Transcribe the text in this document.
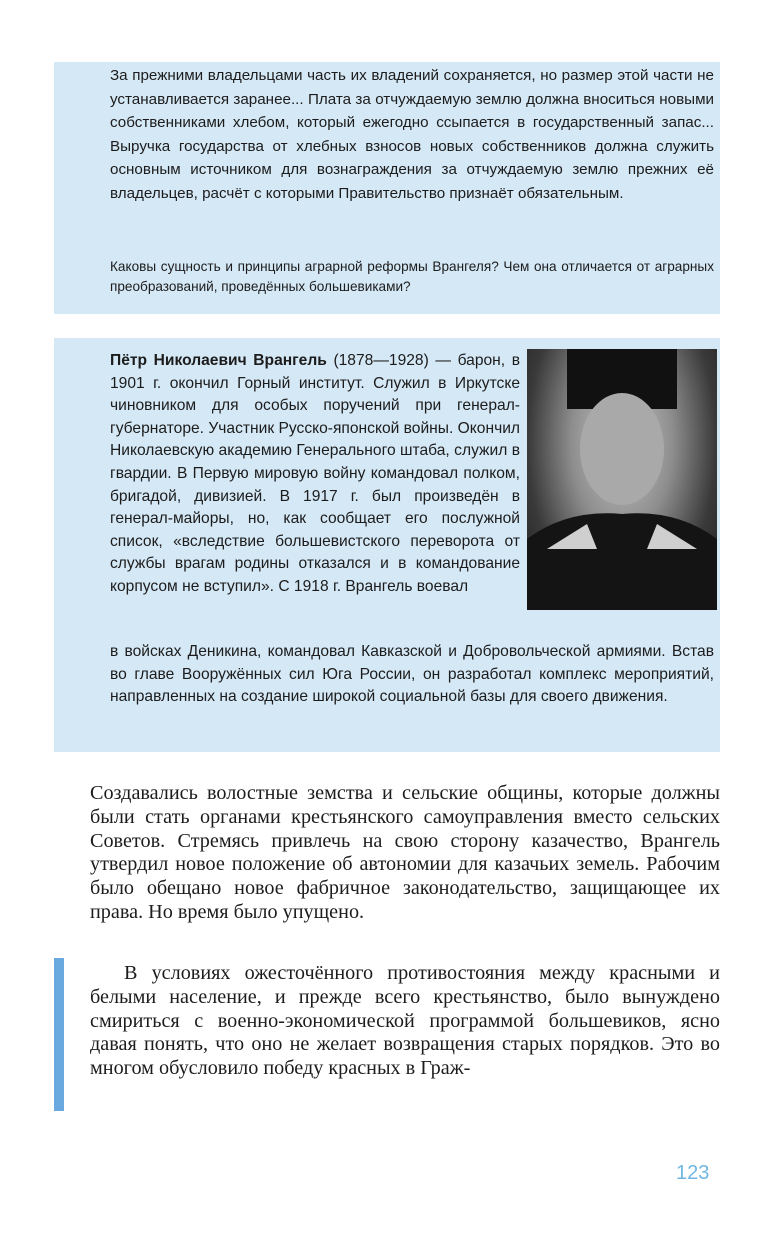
За прежними владельцами часть их владений сохраняется, но размер этой части не устанавливается заранее... Плата за отчуждаемую землю должна вноситься новыми собственниками хлебом, который ежегодно ссыпается в государственный запас... Выручка государства от хлебных взносов новых собственников должна служить основным источником для вознаграждения за отчуждаемую землю прежних её владельцев, расчёт с которыми Правительство признаёт обязательным.
Каковы сущность и принципы аграрной реформы Врангеля? Чем она отличается от аграрных преобразований, проведённых большевиками?
Пётр Николаевич Врангель (1878—1928) — барон, в 1901 г. окончил Горный институт. Служил в Иркутске чиновником для особых поручений при генерал-губернаторе. Участник Русско-японской войны. Окончил Николаевскую академию Генерального штаба, служил в гвардии. В Первую мировую войну командовал полком, бригадой, дивизией. В 1917 г. был произведён в генерал-майоры, но, как сообщает его послужной список, «вследствие большевистского переворота от службы врагам родины отказался и в командование корпусом не вступил». С 1918 г. Врангель воевал
в войсках Деникина, командовал Кавказской и Добровольческой армиями. Встав во главе Вооружённых сил Юга России, он разработал комплекс мероприятий, направленных на создание широкой социальной базы для своего движения.
Создавались волостные земства и сельские общины, которые должны были стать органами крестьянского самоуправления вместо сельских Советов. Стремясь привлечь на свою сторону казачество, Врангель утвердил новое положение об автономии для казачьих земель. Рабочим было обещано новое фабричное законодательство, защищающее их права. Но время было упущено.
В условиях ожесточённого противостояния между красными и белыми население, и прежде всего крестьянство, было вынуждено смириться с военно-экономической программой большевиков, ясно давая понять, что оно не желает возвращения старых порядков. Это во многом обусловило победу красных в Граж-
123
